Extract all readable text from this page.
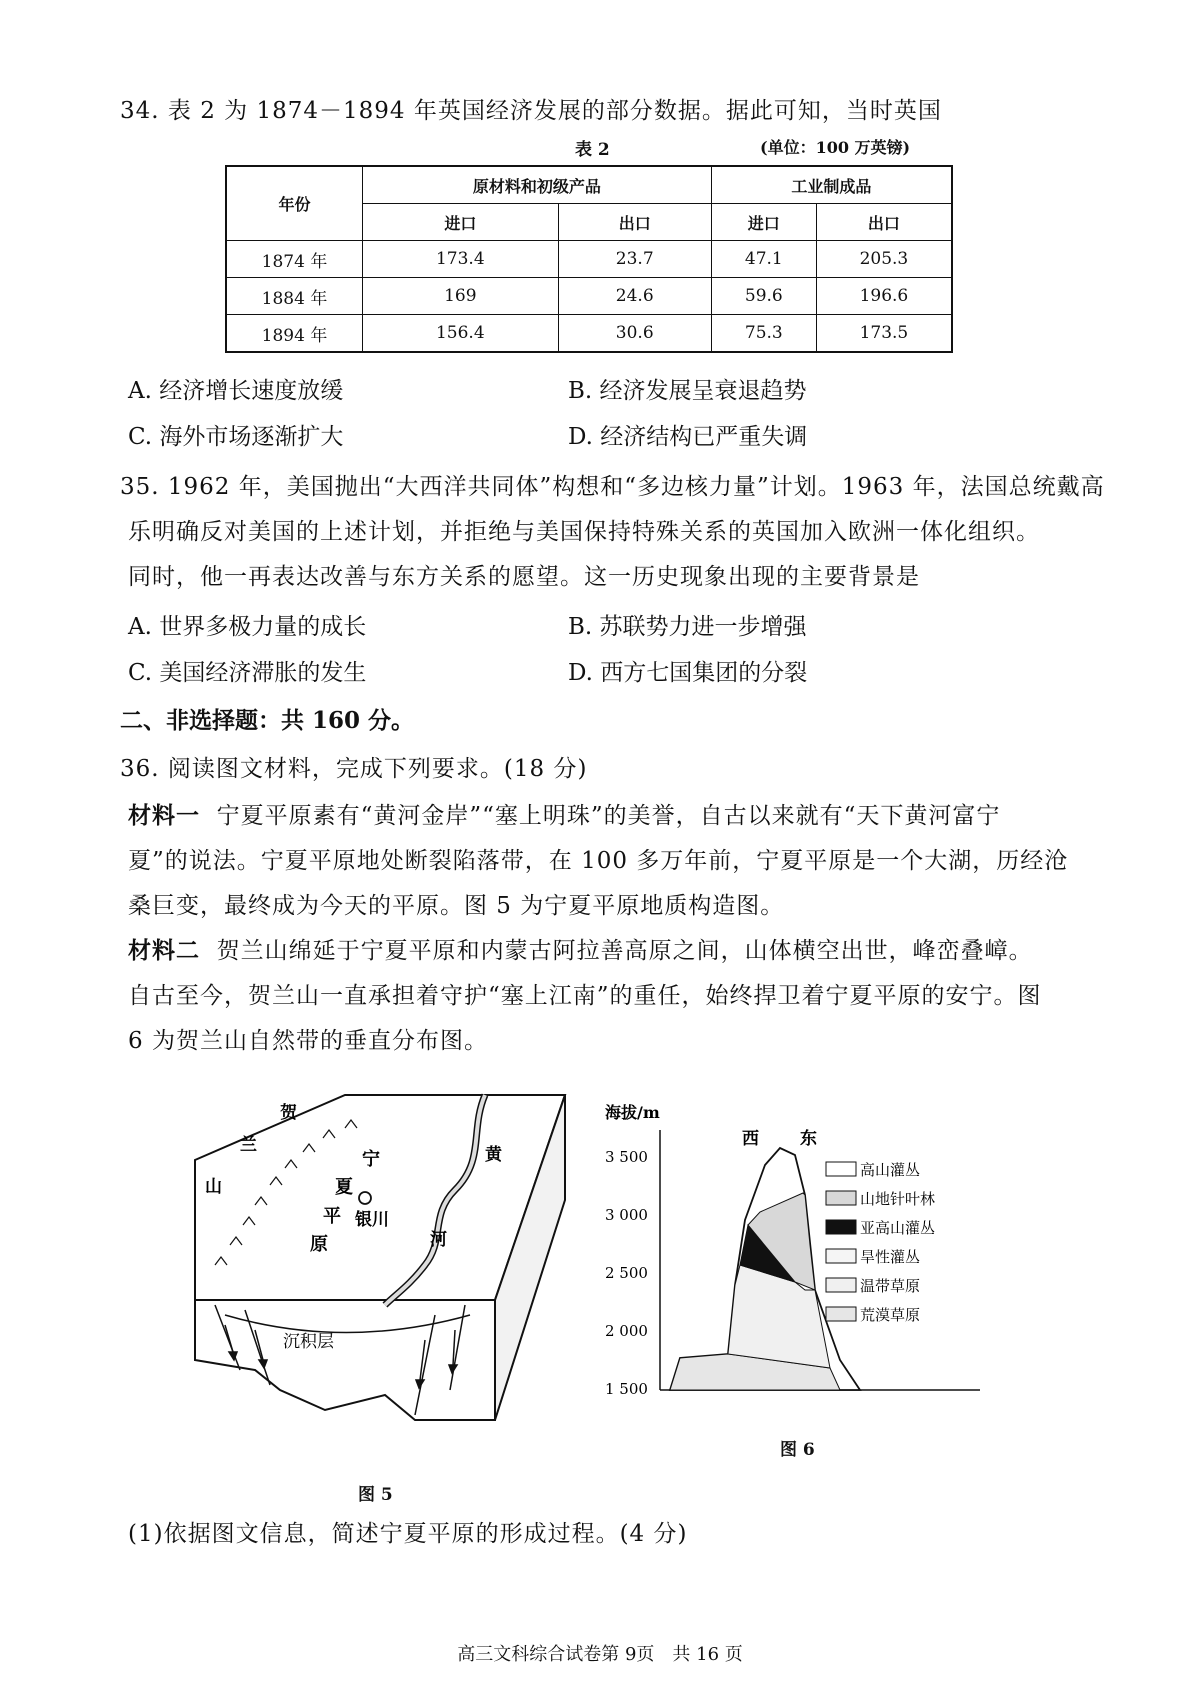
34. 表 2 为 1874－1894 年英国经济发展的部分数据。据此可知，当时英国
表 2	(单位：100 万英镑)
年份	原材料和初级产品		工业制成品	
	进口	出口	进口	出口
1874 年	173.4	23.7	47.1	205.3
1884 年	169	24.6	59.6	196.6
1894 年	156.4	30.6	75.3	173.5
A. 经济增长速度放缓	B. 经济发展呈衰退趋势
C. 海外市场逐渐扩大	D. 经济结构已严重失调
35. 1962 年，美国抛出“大西洋共同体”构想和“多边核力量”计划。1963 年，法国总统戴高
乐明确反对美国的上述计划，并拒绝与美国保持特殊关系的英国加入欧洲一体化组织。
同时，他一再表达改善与东方关系的愿望。这一历史现象出现的主要背景是
A. 世界多极力量的成长	B. 苏联势力进一步增强
C. 美国经济滞胀的发生	D. 西方七国集团的分裂
二、非选择题：共 160 分。
36. 阅读图文材料，完成下列要求。(18 分)
材料一 宁夏平原素有“黄河金岸”“塞上明珠”的美誉，自古以来就有“天下黄河富宁
夏”的说法。宁夏平原地处断裂陷落带，在 100 多万年前，宁夏平原是一个大湖，历经沧
桑巨变，最终成为今天的平原。图 5 为宁夏平原地质构造图。
材料二 贺兰山绵延于宁夏平原和内蒙古阿拉善高原之间，山体横空出世，峰峦叠嶂。
自古至今，贺兰山一直承担着守护“塞上江南”的重任，始终捍卫着宁夏平原的安宁。图
6 为贺兰山自然带的垂直分布图。
贺
兰
山
宁
夏
平
原
银川
黄
河
沉积层
图 5
海拔/m
3 500
3 000
2 500
2 000
1 500
西 东
高山灌丛
山地针叶林
亚高山灌丛
旱性灌丛
温带草原
荒漠草原
图 6
(1)依据图文信息，简述宁夏平原的形成过程。(4 分)
高三文科综合试卷第 9页　共 16 页
